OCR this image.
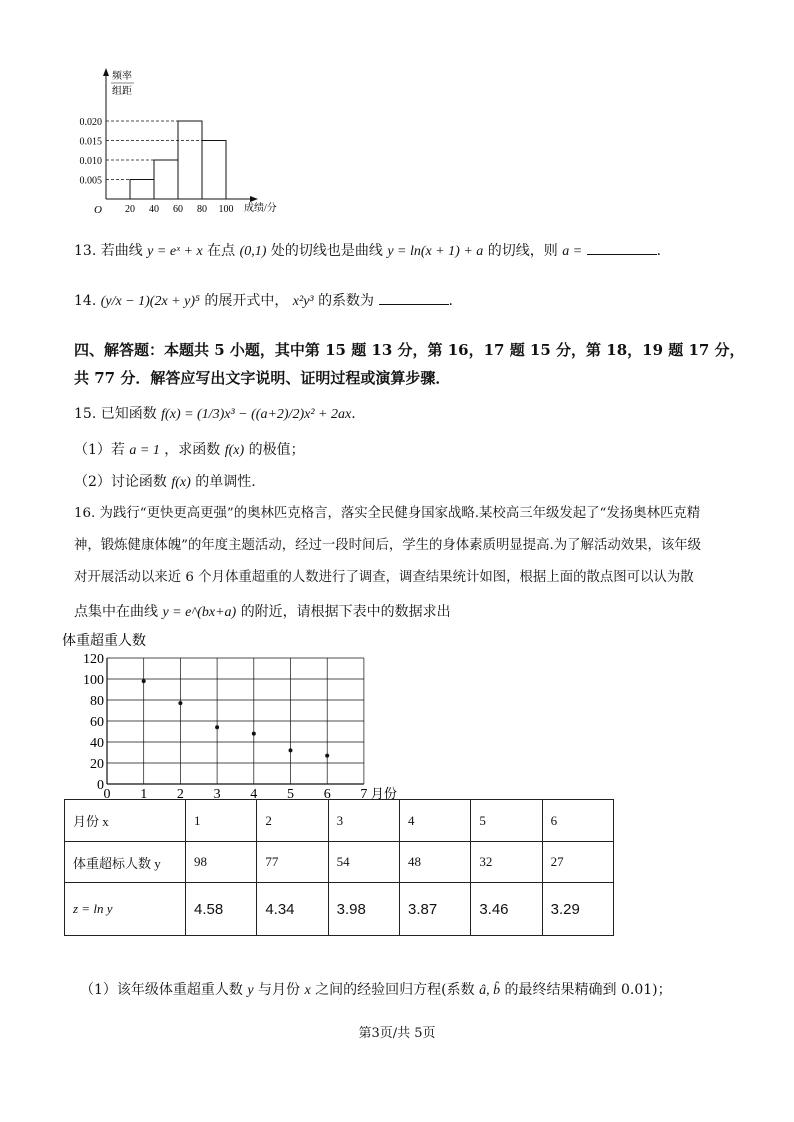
频率
组距
0.005
0.010
0.015
0.020
O 20 40 60 80 100 成绩/分
13. 若曲线 y = eˣ + x 在点 (0,1) 处的切线也是曲线 y = ln(x + 1) + a 的切线，则 a =	.
14. (y/x − 1)(2x + y)⁵ 的展开式中， x²y³ 的系数为	.
四、解答题：本题共 5 小题，其中第 15 题 13 分，第 16，17 题 15 分，第 18，19 题 17 分，
共 77 分．解答应写出文字说明、证明过程或演算步骤．
15. 已知函数 f(x) = (1/3)x³ − ((a+2)/2)x² + 2ax.
（1）若 a = 1 ，求函数 f(x) 的极值；
（2）讨论函数 f(x) 的单调性.
16. 为践行“更快更高更强”的奥林匹克格言，落实全民健身国家战略.某校高三年级发起了“发扬奥林匹克精
神，锻炼健康体魄”的年度主题活动，经过一段时间后，学生的身体素质明显提高.为了解活动效果，该年级
对开展活动以来近 6 个月体重超重的人数进行了调查，调查结果统计如图，根据上面的散点图可以认为散
点集中在曲线 y = e^(bx+a) 的附近，请根据下表中的数据求出
体重超重人数
0
20
40
60
80
100
120
0 1 2 3 4 5 6 7 月份
月份 x	1	2	3	4	5	6
体重超标人数 y	98	77	54	48	32	27
z = ln y	4.58	4.34	3.98	3.87	3.46	3.29
（1）该年级体重超重人数 y 与月份 x 之间的经验回归方程(系数 â, b̂ 的最终结果精确到 0.01)；
第3页/共 5页
